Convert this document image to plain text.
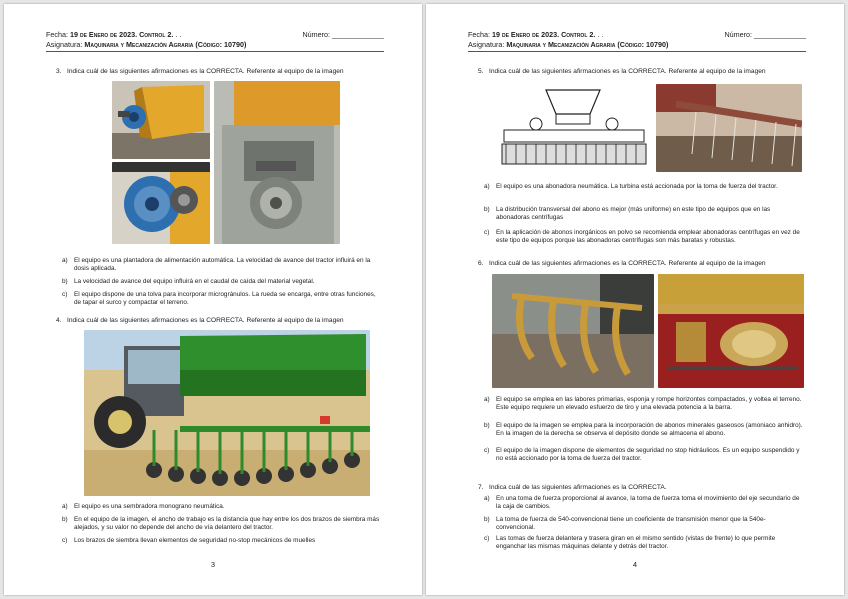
Fecha: 19 de Enero de 2023. Control 2. . .
Asignatura: Maquinaria y Mecanización Agraria (Código: 10790)
Número: _____________
3. Indica cuál de las siguientes afirmaciones es la CORRECTA. Referente al equipo de la imagen
a) El equipo es una plantadora de alimentación automática. La velocidad de avance del tractor influirá en la dosis aplicada.
b) La velocidad de avance del equipo influirá en el caudal de caída del material vegetal.
c) El equipo dispone de una tolva para incorporar microgránulos. La rueda se encarga, entre otras funciones, de tapar el surco y compactar el terreno.
4. Indica cuál de las siguientes afirmaciones es la CORRECTA. Referente al equipo de la imagen
a) El equipo es una sembradora monograno neumática.
b) En el equipo de la imagen, el ancho de trabajo es la distancia que hay entre los dos brazos de siembra más alejados, y su valor no depende del ancho de vía delantero del tractor.
c) Los brazos de siembra llevan elementos de seguridad no-stop mecánicos de muelles
3
Fecha: 19 de Enero de 2023. Control 2. . .
Asignatura: Maquinaria y Mecanización Agraria (Código: 10790)
Número: _____________
5. Indica cuál de las siguientes afirmaciones es la CORRECTA. Referente al equipo de la imagen
a) El equipo es una abonadora neumática. La turbina está accionada por la toma de fuerza del tractor.
b) La distribución transversal del abono es mejor (más uniforme) en este tipo de equipos que en las abonadoras centrífugas
c) En la aplicación de abonos inorgánicos en polvo se recomienda emplear abonadoras centrífugas en vez de este tipo de equipos porque las abonadoras centrífugas son más baratas y robustas.
6. Indica cuál de las siguientes afirmaciones es la CORRECTA. Referente al equipo de la imagen
a) El equipo se emplea en las labores primarias, esponja y rompe horizontes compactados, y voltea el terreno. Este equipo requiere un elevado esfuerzo de tiro y una elevada potencia a la barra.
b) El equipo de la imagen se emplea para la incorporación de abonos minerales gaseosos (amoniaco anhidro). En la imagen de la derecha se observa el depósito donde se almacena el abono.
c) El equipo de la imagen dispone de elementos de seguridad no stop hidráulicos. Es un equipo suspendido y no está accionado por la toma de fuerza del tractor.
7. Indica cuál de las siguientes afirmaciones es la CORRECTA.
a) En una toma de fuerza proporcional al avance, la toma de fuerza toma el movimiento del eje secundario de la caja de cambios.
b) La toma de fuerza de 540-convencional tiene un coeficiente de transmisión menor que la 540e-convencional.
c) Las tomas de fuerza delantera y trasera giran en el mismo sentido (vistas de frente) lo que permite enganchar las mismas máquinas delante y detrás del tractor.
4
